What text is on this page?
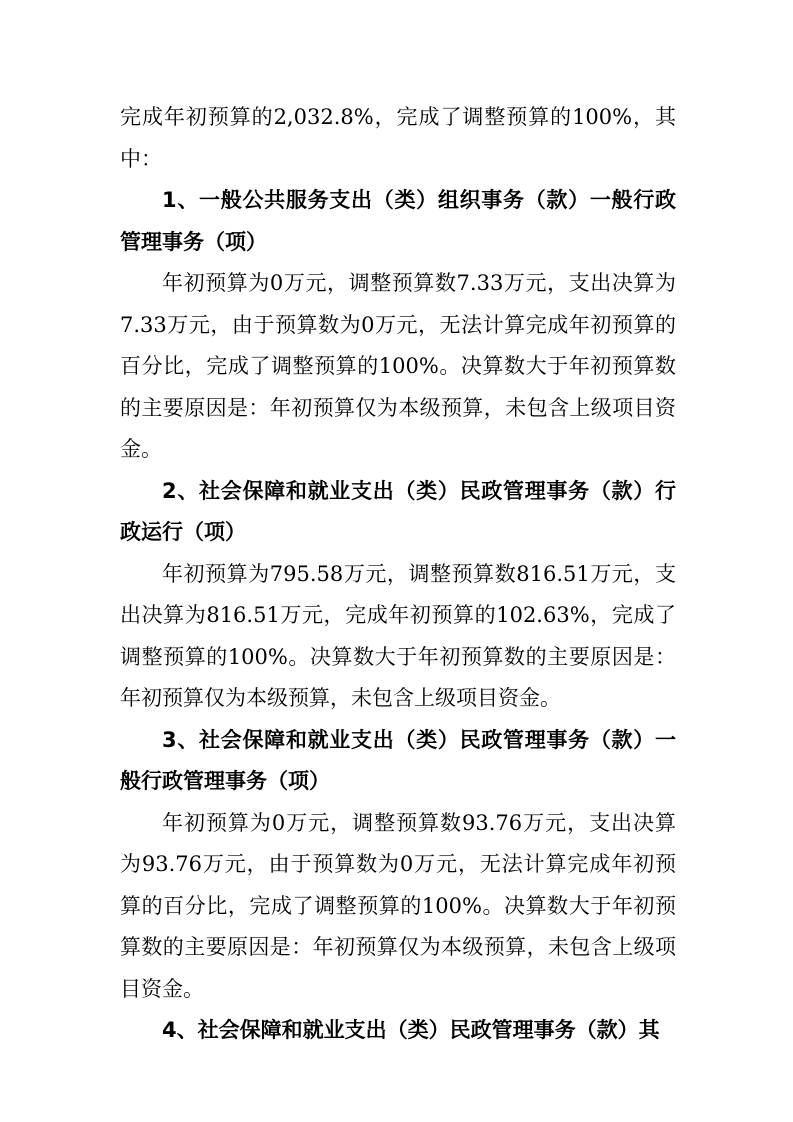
完成年初预算的2,032.8%，完成了调整预算的100%，其中：

1、一般公共服务支出（类）组织事务（款）一般行政管理事务（项）

年初预算为0万元，调整预算数7.33万元，支出决算为7.33万元，由于预算数为0万元，无法计算完成年初预算的百分比，完成了调整预算的100%。决算数大于年初预算数的主要原因是：年初预算仅为本级预算，未包含上级项目资金。

2、社会保障和就业支出（类）民政管理事务（款）行政运行（项）

年初预算为795.58万元，调整预算数816.51万元，支出决算为816.51万元，完成年初预算的102.63%，完成了调整预算的100%。决算数大于年初预算数的主要原因是：年初预算仅为本级预算，未包含上级项目资金。

3、社会保障和就业支出（类）民政管理事务（款）一般行政管理事务（项）

年初预算为0万元，调整预算数93.76万元，支出决算为93.76万元，由于预算数为0万元，无法计算完成年初预算的百分比，完成了调整预算的100%。决算数大于年初预算数的主要原因是：年初预算仅为本级预算，未包含上级项目资金。

4、社会保障和就业支出（类）民政管理事务（款）其
